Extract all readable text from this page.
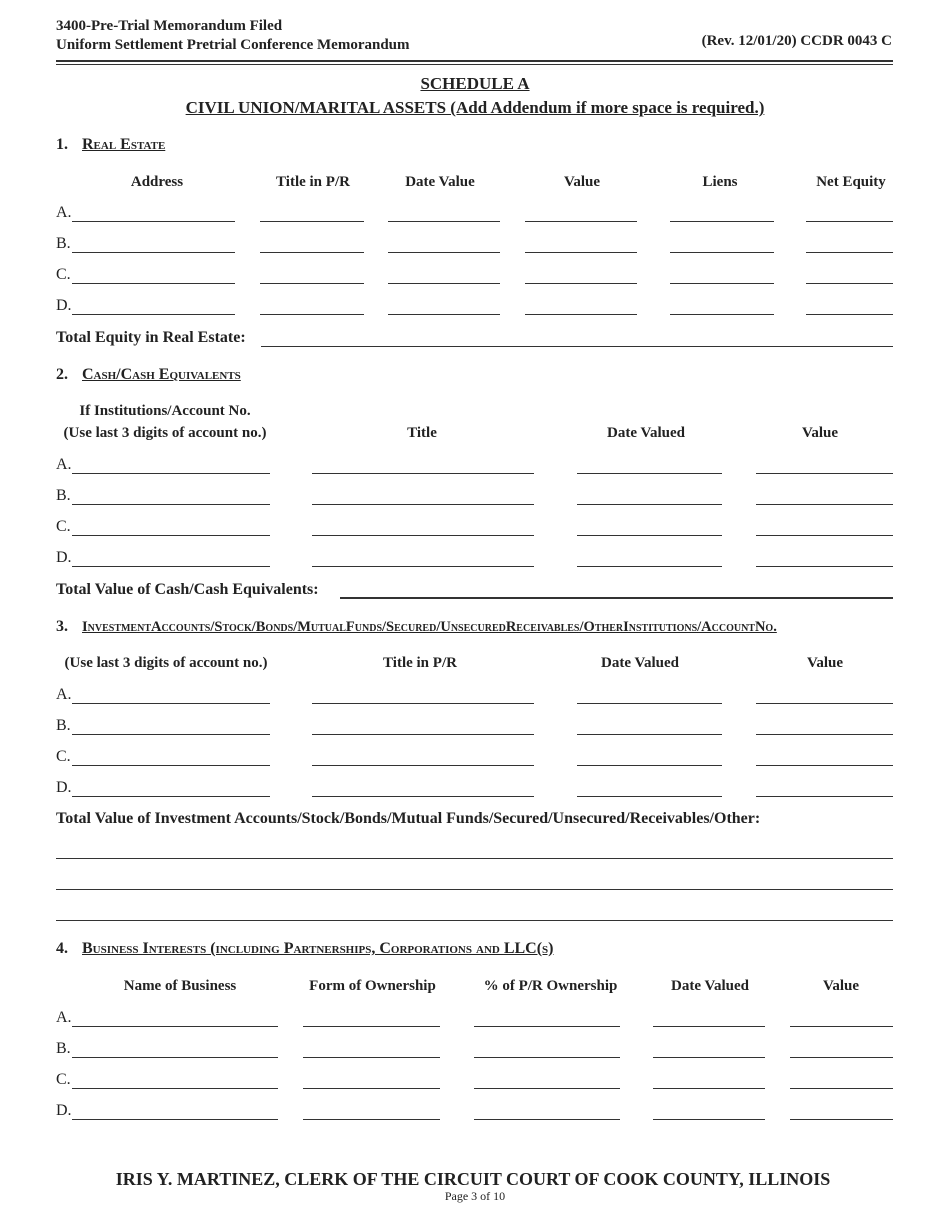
3400-Pre-Trial Memorandum Filed
Uniform Settlement Pretrial Conference Memorandum	(Rev. 12/01/20) CCDR 0043 C
SCHEDULE A
CIVIL UNION/MARITAL ASSETS (Add Addendum if more space is required.)
1. Real Estate
Address	Title in P/R	Date Value	Value	Liens	Net Equity
A.
B.
C.
D.
Total Equity in Real Estate:
2. Cash/Cash Equivalents
If Institutions/Account No.
(Use last 3 digits of account no.)	Title	Date Valued	Value
A.
B.
C.
D.
Total Value of Cash/Cash Equivalents:
3. InvestmentAccounts/Stock/Bonds/MutualFunds/Secured/UnsecuredReceivables/OtherInstitutions/AccountNo.
(Use last 3 digits of account no.)	Title in P/R	Date Valued	Value
A.
B.
C.
D.
Total Value of Investment Accounts/Stock/Bonds/Mutual Funds/Secured/Unsecured/Receivables/Other:
4. Business Interests (including Partnerships, Corporations and LLC(s)
Name of Business	Form of Ownership	% of P/R Ownership	Date Valued	Value
A.
B.
C.
D.
IRIS Y. MARTINEZ, CLERK OF THE CIRCUIT COURT OF COOK COUNTY, ILLINOIS
Page 3 of 10
